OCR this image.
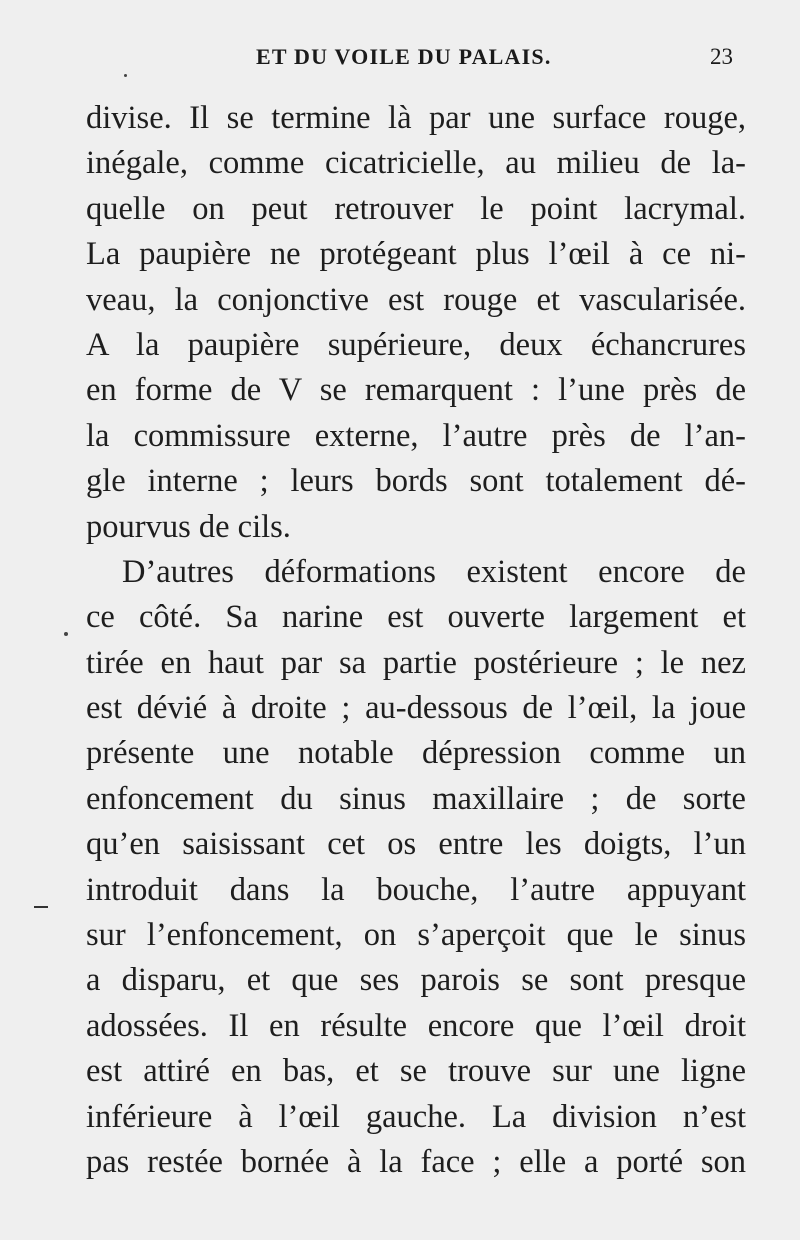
ET DU VOILE DU PALAIS.	23
divise. Il se termine là par une surface rouge,
inégale, comme cicatricielle, au milieu de la-
quelle on peut retrouver le point lacrymal.
La paupière ne protégeant plus l’œil à ce ni-
veau, la conjonctive est rouge et vascularisée.
A la paupière supérieure, deux échancrures
en forme de V se remarquent : l’une près de
la commissure externe, l’autre près de l’an-
gle interne ; leurs bords sont totalement dé-
pourvus de cils.
D’autres déformations existent encore de
ce côté. Sa narine est ouverte largement et
tirée en haut par sa partie postérieure ; le nez
est dévié à droite ; au-dessous de l’œil, la joue
présente une notable dépression comme un
enfoncement du sinus maxillaire ; de sorte
qu’en saisissant cet os entre les doigts, l’un
introduit dans la bouche, l’autre appuyant
sur l’enfoncement, on s’aperçoit que le sinus
a disparu, et que ses parois se sont presque
adossées. Il en résulte encore que l’œil droit
est attiré en bas, et se trouve sur une ligne
inférieure à l’œil gauche. La division n’est
pas restée bornée à la face ; elle a porté son
